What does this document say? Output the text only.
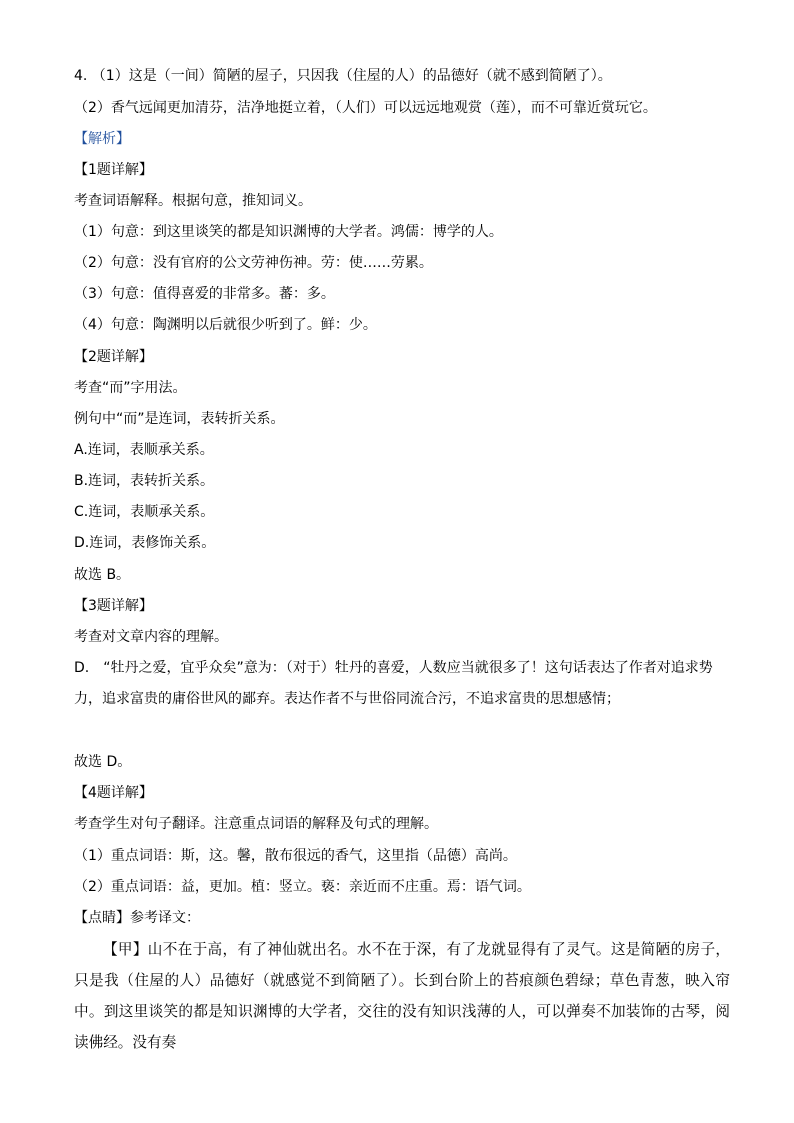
4. （1）这是（一间）简陋的屋子，只因我（住屋的人）的品德好（就不感到简陋了）。
（2）香气远闻更加清芬，洁净地挺立着，（人们）可以远远地观赏（莲），而不可靠近赏玩它。
【解析】
【1题详解】
考查词语解释。根据句意，推知词义。
（1）句意：到这里谈笑的都是知识渊博的大学者。鸿儒：博学的人。
（2）句意：没有官府的公文劳神伤神。劳：使……劳累。
（3）句意：值得喜爱的非常多。蕃：多。
（4）句意：陶渊明以后就很少听到了。鲜：少。
【2题详解】
考查“而”字用法。
例句中“而”是连词，表转折关系。
A.连词，表顺承关系。
B.连词，表转折关系。
C.连词，表顺承关系。
D.连词，表修饰关系。
故选 B。
【3题详解】
考查对文章内容的理解。
D.　“牡丹之爱，宜乎众矣”意为：（对于）牡丹的喜爱，人数应当就很多了！这句话表达了作者对追求势力，追求富贵的庸俗世风的鄙弃。表达作者不与世俗同流合污，不追求富贵的思想感情；
故选 D。
【4题详解】
考查学生对句子翻译。注意重点词语的解释及句式的理解。
（1）重点词语：斯，这。馨，散布很远的香气，这里指（品德）高尚。
（2）重点词语：益，更加。植：竖立。亵：亲近而不庄重。焉：语气词。
【点睛】参考译文：
【甲】山不在于高，有了神仙就出名。水不在于深，有了龙就显得有了灵气。这是简陋的房子，只是我（住屋的人）品德好（就感觉不到简陋了）。长到台阶上的苔痕颜色碧绿；草色青葱，映入帘中。到这里谈笑的都是知识渊博的大学者，交往的没有知识浅薄的人，可以弹奏不加装饰的古琴，阅读佛经。没有奏
